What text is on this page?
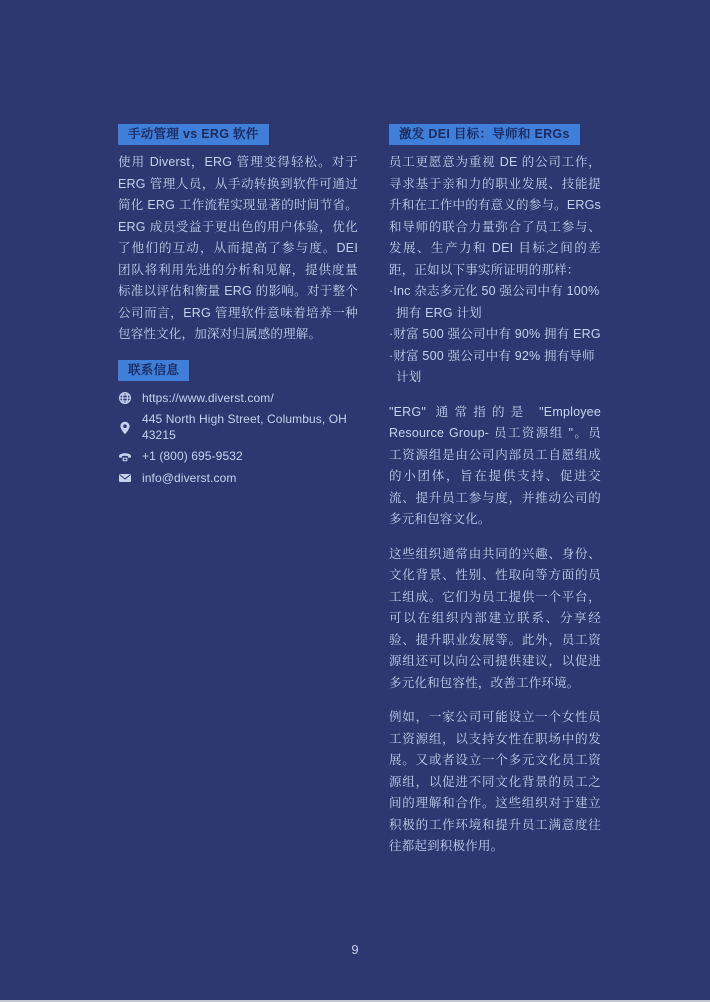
手动管理 vs ERG 软件

使用 Diverst，ERG 管理变得轻松。对于 ERG 管理人员，从手动转换到软件可通过简化 ERG 工作流程实现显著的时间节省。ERG 成员受益于更出色的用户体验，优化了他们的互动，从而提高了参与度。DEI 团队将利用先进的分析和见解，提供度量标准以评估和衡量 ERG 的影响。对于整个公司而言，ERG 管理软件意味着培养一种包容性文化，加深对归属感的理解。

联系信息
https://www.diverst.com/
445 North High Street, Columbus, OH 43215
+1 (800) 695-9532
info@diverst.com
激发 DEI 目标：导师和 ERGs

员工更愿意为重视 DE 的公司工作，寻求基于亲和力的职业发展、技能提升和在工作中的有意义的参与。ERGs 和导师的联合力量弥合了员工参与、发展、生产力和 DEI 目标之间的差距，正如以下事实所证明的那样：

·Inc 杂志多元化 50 强公司中有 100% 拥有 ERG 计划
·财富 500 强公司中有 90% 拥有 ERG
·财富 500 强公司中有 92% 拥有导师计划

"ERG" 通常指的是 "Employee Resource Group- 员工资源组 "。员工资源组是由公司内部员工自愿组成的小团体，旨在提供支持、促进交流、提升员工参与度，并推动公司的多元和包容文化。

这些组织通常由共同的兴趣、身份、文化背景、性别、性取向等方面的员工组成。它们为员工提供一个平台，可以在组织内部建立联系、分享经验、提升职业发展等。此外，员工资源组还可以向公司提供建议，以促进多元化和包容性，改善工作环境。

例如，一家公司可能设立一个女性员工资源组，以支持女性在职场中的发展。又或者设立一个多元文化员工资源组，以促进不同文化背景的员工之间的理解和合作。这些组织对于建立积极的工作环境和提升员工满意度往往都起到积极作用。

9
